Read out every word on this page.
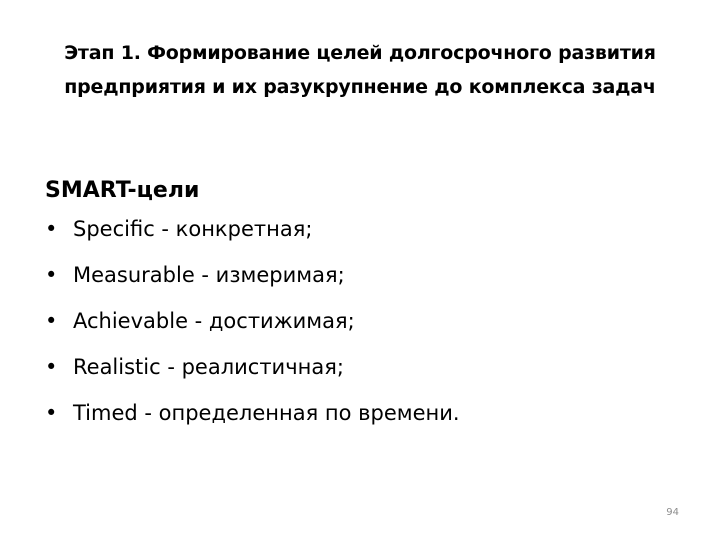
Этап 1. Формирование целей долгосрочного развития
предприятия и их разукрупнение до комплекса задач
SMART-цели
• Specific - конкретная;
• Measurable - измеримая;
• Achievable - достижимая;
• Realistic - реалистичная;
• Timed - определенная по времени.
94
